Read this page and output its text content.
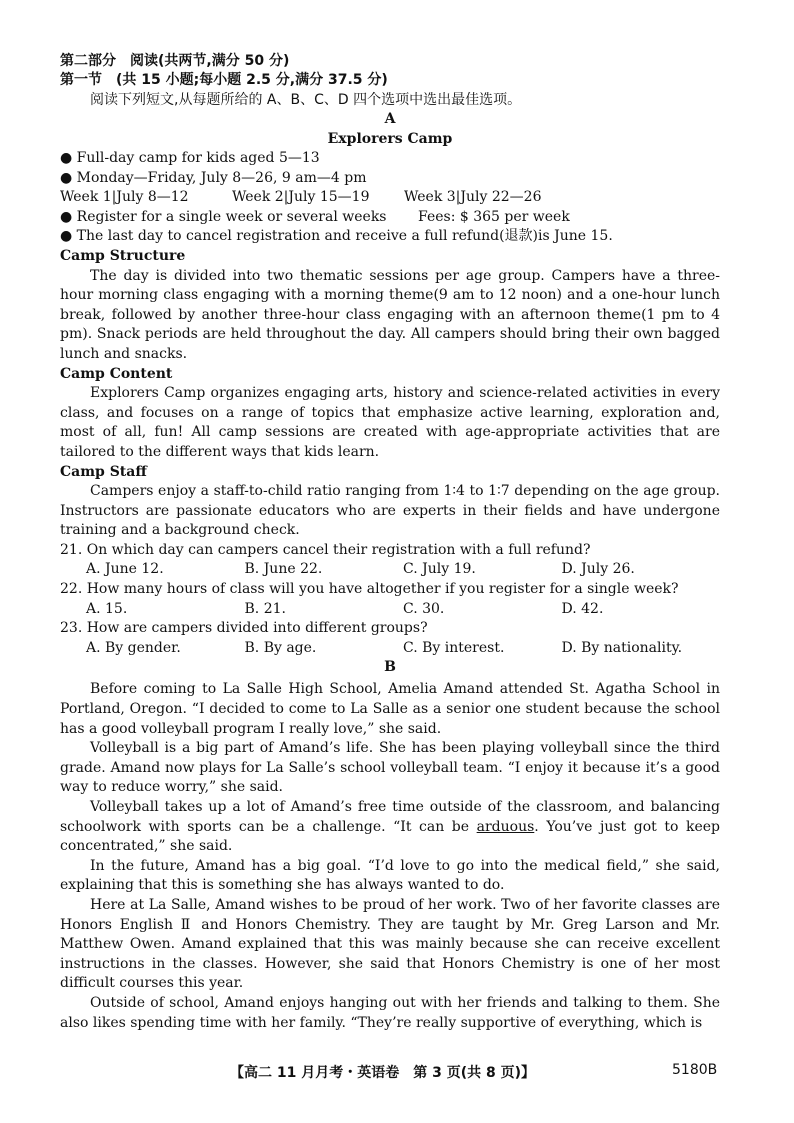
第二部分　阅读(共两节,满分 50 分)
第一节　(共 15 小题;每小题 2.5 分,满分 37.5 分)
阅读下列短文,从每题所给的 A、B、C、D 四个选项中选出最佳选项。
A
Explorers Camp
● Full-day camp for kids aged 5—13
● Monday—Friday, July 8—26, 9 am—4 pm
Week 1|July 8—12	Week 2|July 15—19	Week 3|July 22—26
● Register for a single week or several weeks	Fees: $ 365 per week
● The last day to cancel registration and receive a full refund(退款)is June 15.
Camp Structure

The day is divided into two thematic sessions per age group. Campers have a three-hour morning class engaging with a morning theme(9 am to 12 noon) and a one-hour lunch break, followed by another three-hour class engaging with an afternoon theme(1 pm to 4 pm). Snack periods are held throughout the day. All campers should bring their own bagged lunch and snacks.

Camp Content

Explorers Camp organizes engaging arts, history and science-related activities in every class, and focuses on a range of topics that emphasize active learning, exploration and, most of all, fun! All camp sessions are created with age-appropriate activities that are tailored to the different ways that kids learn.

Camp Staff

Campers enjoy a staff-to-child ratio ranging from 1∶4 to 1∶7 depending on the age group. Instructors are passionate educators who are experts in their fields and have undergone training and a background check.

21. On which day can campers cancel their registration with a full refund?
A. June 12.	B. June 22.	C. July 19.	D. July 26.
22. How many hours of class will you have altogether if you register for a single week?
A. 15.	B. 21.	C. 30.	D. 42.
23. How are campers divided into different groups?
A. By gender.	B. By age.	C. By interest.	D. By nationality.
B

Before coming to La Salle High School, Amelia Amand attended St. Agatha School in Portland, Oregon. “I decided to come to La Salle as a senior one student because the school has a good volleyball program I really love,” she said.

Volleyball is a big part of Amand’s life. She has been playing volleyball since the third grade. Amand now plays for La Salle’s school volleyball team. “I enjoy it because it’s a good way to reduce worry,” she said.

Volleyball takes up a lot of Amand’s free time outside of the classroom, and balancing schoolwork with sports can be a challenge. “It can be arduous. You’ve just got to keep concentrated,” she said.

In the future, Amand has a big goal. “I’d love to go into the medical field,” she said, explaining that this is something she has always wanted to do.

Here at La Salle, Amand wishes to be proud of her work. Two of her favorite classes are Honors English Ⅱ and Honors Chemistry. They are taught by Mr. Greg Larson and Mr. Matthew Owen. Amand explained that this was mainly because she can receive excellent instructions in the classes. However, she said that Honors Chemistry is one of her most difficult courses this year.

Outside of school, Amand enjoys hanging out with her friends and talking to them. She also likes spending time with her family. “They’re really supportive of everything, which is

【高二 11 月月考・英语卷　第 3 页(共 8 页)】	5180B
